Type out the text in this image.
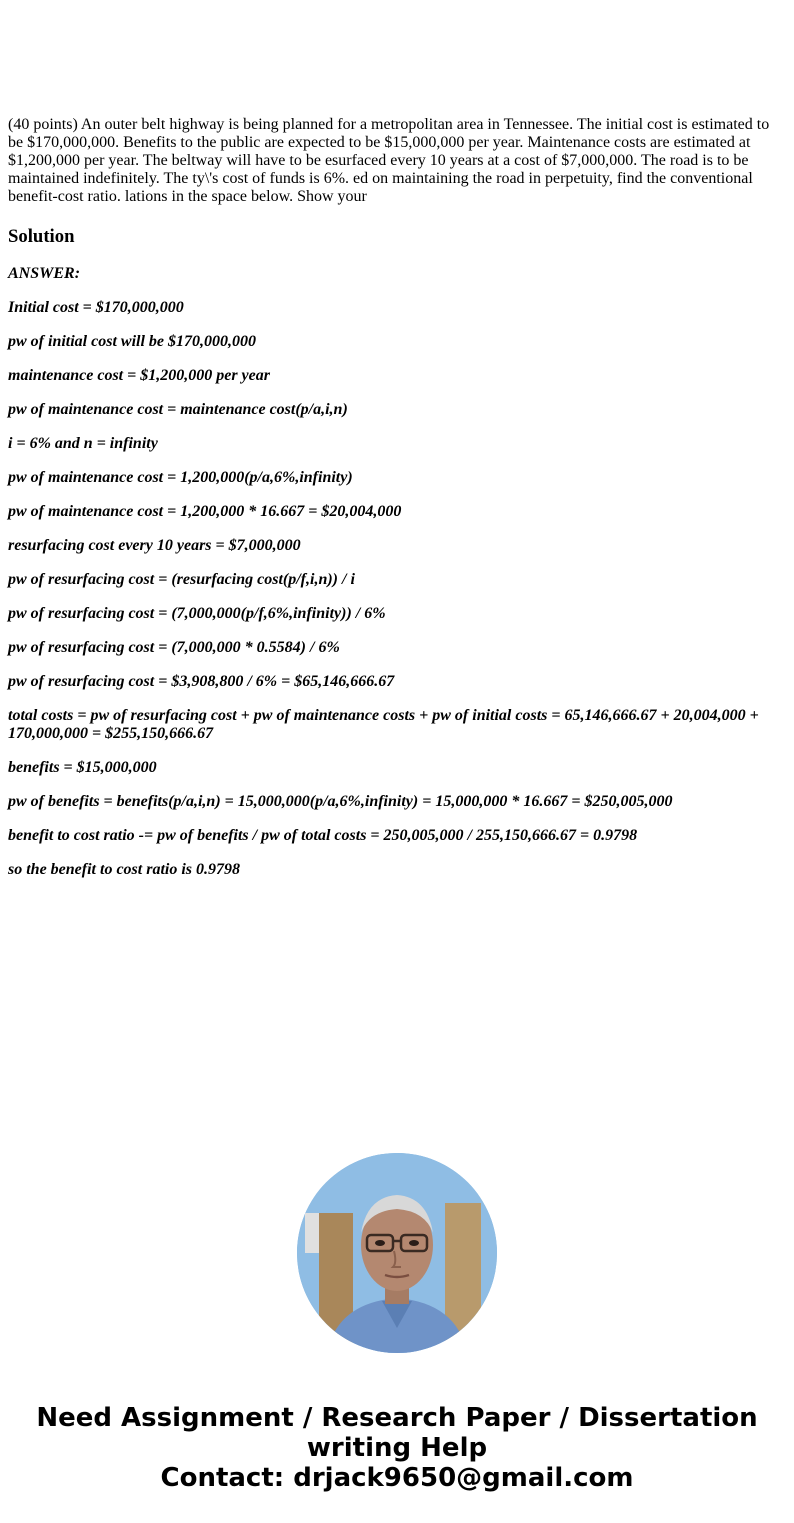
(40 points) An outer belt highway is being planned for a metropolitan area in Tennessee. The initial cost is estimated to be $170,000,000. Benefits to the public are expected to be $15,000,000 per year. Maintenance costs are estimated at $1,200,000 per year. The beltway will have to be esurfaced every 10 years at a cost of $7,000,000. The road is to be maintained indefinitely. The ty\'s cost of funds is 6%. ed on maintaining the road in perpetuity, find the conventional benefit-cost ratio. lations in the space below. Show your

Solution

ANSWER:

Initial cost = $170,000,000

pw of initial cost will be $170,000,000

maintenance cost = $1,200,000 per year

pw of maintenance cost = maintenance cost(p/a,i,n)

i = 6% and n = infinity

pw of maintenance cost = 1,200,000(p/a,6%,infinity)

pw of maintenance cost = 1,200,000 * 16.667 = $20,004,000

resurfacing cost every 10 years = $7,000,000

pw of resurfacing cost = (resurfacing cost(p/f,i,n)) / i

pw of resurfacing cost = (7,000,000(p/f,6%,infinity)) / 6%

pw of resurfacing cost = (7,000,000 * 0.5584) / 6%

pw of resurfacing cost = $3,908,800 / 6% = $65,146,666.67

total costs = pw of resurfacing cost + pw of maintenance costs + pw of initial costs = 65,146,666.67 + 20,004,000 + 170,000,000 = $255,150,666.67

benefits = $15,000,000

pw of benefits = benefits(p/a,i,n) = 15,000,000(p/a,6%,infinity) = 15,000,000 * 16.667 = $250,005,000

benefit to cost ratio -= pw of benefits / pw of total costs = 250,005,000 / 255,150,666.67 = 0.9798

so the benefit to cost ratio is 0.9798

Need Assignment / Research Paper / Dissertation writing Help
Contact: drjack9650@gmail.com
